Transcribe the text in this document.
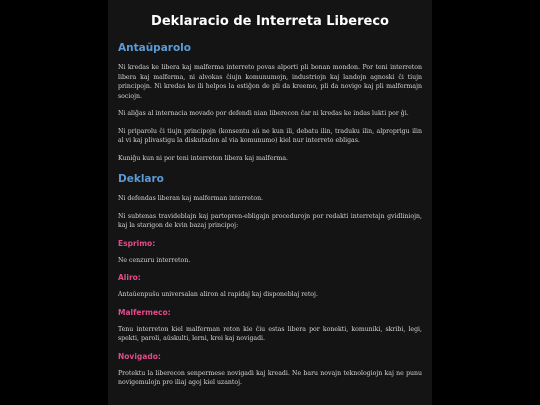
Deklaracio de Interreta Libereco
Antaŭparolo

Ni kredas ke libera kaj malferma interreto povas alporti pli bonan mondon. Por teni interreton libera kaj malferma, ni alvokas ĉiujn komunumojn, industriojn kaj landojn agnoski ĉi tiujn principojn. Ni kredas ke ili helpos la estiĝon de pli da kreemo, pli da novigo kaj pli malfermajn sociojn.

Ni aliĝas al internacia movado por defendi nian liberecon ĉar ni kredas ke indas lukti por ĝi.

Ni priparolu ĉi tiujn principojn (konsentu aŭ ne kun ili, debatu ilin, traduku ilin, alproprigu ilin al vi kaj plivastigu la diskutadon al via komunumo) kiel nur interreto ebligas.

Kuniĝu kun ni por teni interreton libera kaj malferma.

Deklaro

Ni defendas liberan kaj malferman interreton.

Ni subtenas travideblajn kaj partopren-ebligajn procedurojn por redakti interretajn gvidliniojn, kaj la starigon de kvin bazaj principoj:

Esprimo:

Ne cenzuru interreton.

Aliro:

Antaŭenpuŝu universalan aliron al rapidaj kaj disponeblaj retoj.

Malfermeco:

Tenu interreton kiel malferman reton kie ĉiu estas libera por konekti, komuniki, skribi, legi, spekti, paroli, aŭskulti, lerni, krei kaj novigadi.

Novigado:

Protektu la liberecon senpermese novigadi kaj kreadi. Ne baru novajn teknologiojn kaj ne punu novigemulojn pro iliaj agoj kiel uzantoj.
